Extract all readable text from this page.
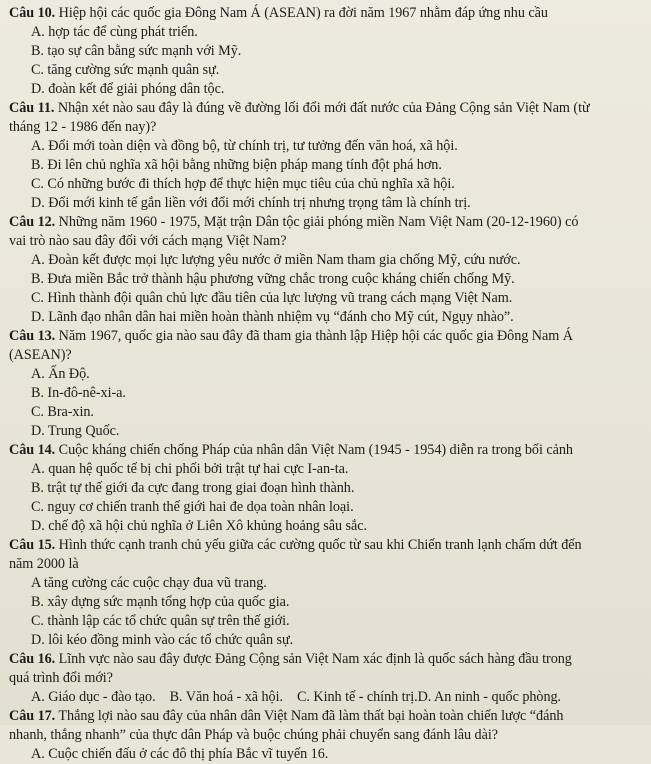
Câu 10. Hiệp hội các quốc gia Đông Nam Á (ASEAN) ra đời năm 1967 nhằm đáp ứng nhu cầu
A. hợp tác để cùng phát triển.
B. tạo sự cân bằng sức mạnh với Mỹ.
C. tăng cường sức mạnh quân sự.
D. đoàn kết để giải phóng dân tộc.
Câu 11. Nhận xét nào sau đây là đúng về đường lối đổi mới đất nước của Đảng Cộng sản Việt Nam (từ
tháng 12 - 1986 đến nay)?
A. Đổi mới toàn diện và đồng bộ, từ chính trị, tư tưởng đến văn hoá, xã hội.
B. Đi lên chủ nghĩa xã hội bằng những biện pháp mang tính đột phá hơn.
C. Có những bước đi thích hợp để thực hiện mục tiêu của chủ nghĩa xã hội.
D. Đổi mới kinh tế gắn liền với đổi mới chính trị nhưng trọng tâm là chính trị.
Câu 12. Những năm 1960 - 1975, Mặt trận Dân tộc giải phóng miền Nam Việt Nam (20-12-1960) có
vai trò nào sau đây đối với cách mạng Việt Nam?
A. Đoàn kết được mọi lực lượng yêu nước ở miền Nam tham gia chống Mỹ, cứu nước.
B. Đưa miền Bắc trở thành hậu phương vững chắc trong cuộc kháng chiến chống Mỹ.
C. Hình thành đội quân chủ lực đầu tiên của lực lượng vũ trang cách mạng Việt Nam.
D. Lãnh đạo nhân dân hai miền hoàn thành nhiệm vụ “đánh cho Mỹ cút, Ngụy nhào”.
Câu 13. Năm 1967, quốc gia nào sau đây đã tham gia thành lập Hiệp hội các quốc gia Đông Nam Á
(ASEAN)?
A. Ấn Độ.
B. In-đô-nê-xi-a.
C. Bra-xin.
D. Trung Quốc.
Câu 14. Cuộc kháng chiến chống Pháp của nhân dân Việt Nam (1945 - 1954) diễn ra trong bối cảnh
A. quan hệ quốc tế bị chi phối bởi trật tự hai cực I-an-ta.
B. trật tự thế giới đa cực đang trong giai đoạn hình thành.
C. nguy cơ chiến tranh thế giới hai đe dọa toàn nhân loại.
D. chế độ xã hội chủ nghĩa ở Liên Xô khủng hoảng sâu sắc.
Câu 15. Hình thức cạnh tranh chủ yếu giữa các cường quốc từ sau khi Chiến tranh lạnh chấm dứt đến
năm 2000 là
A tăng cường các cuộc chạy đua vũ trang.
B. xây dựng sức mạnh tổng hợp của quốc gia.
C. thành lập các tổ chức quân sự trên thế giới.
D. lôi kéo đồng minh vào các tổ chức quân sự.
Câu 16. Lĩnh vực nào sau đây được Đảng Cộng sản Việt Nam xác định là quốc sách hàng đầu trong
quá trình đổi mới?
A. Giáo dục - đào tạo. B. Văn hoá - xã hội. C. Kinh tế - chính trị.D. An ninh - quốc phòng.
Câu 17. Thắng lợi nào sau đây của nhân dân Việt Nam đã làm thất bại hoàn toàn chiến lược “đánh
nhanh, thắng nhanh” của thực dân Pháp và buộc chúng phải chuyển sang đánh lâu dài?
A. Cuộc chiến đấu ở các đô thị phía Bắc vĩ tuyến 16.
